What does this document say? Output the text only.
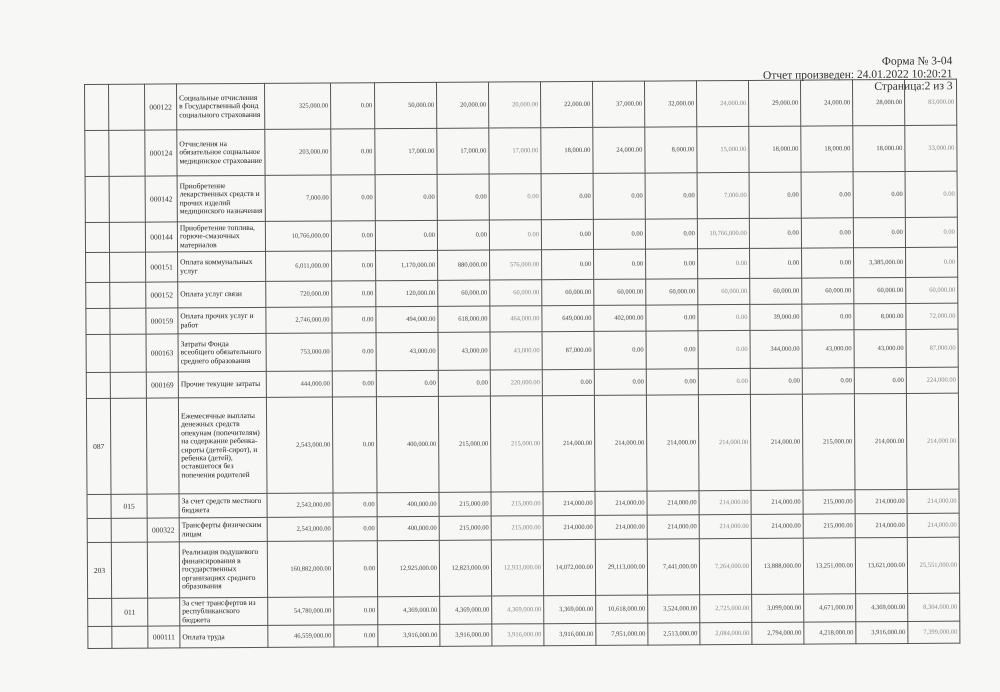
Форма № 3-04
Отчет произведен: 24.01.2022 10:20:21
Страница:2 из 3
		000122	Социальные отчисления в Государственный фонд социального страхования	325,000.00	0.00	50,000.00	20,000.00	20,000.00	22,000.00	37,000.00	32,000.00	24,000.00	29,000.00	24,000.00	28,000.00	83,000.00
		000124	Отчисления на обязательное социальное медицинское страхование	203,000.00	0.00	17,000.00	17,000.00	17,000.00	18,000.00	24,000.00	8,000.00	15,000.00	18,000.00	18,000.00	18,000.00	33,000.00
		000142	Приобретение лекарственных средств и прочих изделий медицинского назначения	7,000.00	0.00	0.00	0.00	0.00	0.00	0.00	0.00	7,000.00	0.00	0.00	0.00	0.00
		000144	Приобретение топлива, горюче-смазочных материалов	10,766,000.00	0.00	0.00	0.00	0.00	0.00	0.00	0.00	10,766,000.00	0.00	0.00	0.00	0.00
		000151	Оплата коммунальных услуг	6,011,000.00	0.00	1,170,000.00	880,000.00	576,000.00	0.00	0.00	0.00	0.00	0.00	0.00	3,385,000.00	0.00
		000152	Оплата услуг связи	720,000.00	0.00	120,000.00	60,000.00	60,000.00	60,000.00	60,000.00	60,000.00	60,000.00	60,000.00	60,000.00	60,000.00	60,000.00
		000159	Оплата прочих услуг и работ	2,746,000.00	0.00	494,000.00	618,000.00	464,000.00	649,000.00	402,000.00	0.00	0.00	39,000.00	0.00	8,000.00	72,000.00
		000163	Затраты Фонда всеобщего обязательного среднего образования	753,000.00	0.00	43,000.00	43,000.00	43,000.00	87,000.00	0.00	0.00	0.00	344,000.00	43,000.00	43,000.00	87,000.00
		000169	Прочие текущие затраты	444,000.00	0.00	0.00	0.00	220,000.00	0.00	0.00	0.00	0.00	0.00	0.00	0.00	224,000.00
087			Ежемесячные выплаты денежных средств опекунам (попечителям) на содержание ребенка-сироты (детей-сирот), и ребенка (детей), оставшегося без попечения родителей	2,543,000.00	0.00	400,000.00	215,000.00	215,000.00	214,000.00	214,000.00	214,000.00	214,000.00	214,000.00	215,000.00	214,000.00	214,000.00
	015		За счет средств местного бюджета	2,543,000.00	0.00	400,000.00	215,000.00	215,000.00	214,000.00	214,000.00	214,000.00	214,000.00	214,000.00	215,000.00	214,000.00	214,000.00
		000322	Трансферты физическим лицам	2,543,000.00	0.00	400,000.00	215,000.00	215,000.00	214,000.00	214,000.00	214,000.00	214,000.00	214,000.00	215,000.00	214,000.00	214,000.00
203			Реализация подушевого финансирования в государственных организациях среднего образования	160,882,000.00	0.00	12,925,000.00	12,823,000.00	12,933,000.00	14,072,000.00	29,113,000.00	7,441,000.00	7,264,000.00	13,888,000.00	13,251,000.00	13,621,000.00	25,551,000.00
	011		За счет трансфертов из республиканского бюджета	54,780,000.00	0.00	4,369,000.00	4,369,000.00	4,369,000.00	3,369,000.00	10,618,000.00	3,524,000.00	2,725,000.00	3,099,000.00	4,671,000.00	4,369,000.00	8,304,000.00
		000111	Оплата труда	46,559,000.00	0.00	3,916,000.00	3,916,000.00	3,916,000.00	3,916,000.00	7,951,000.00	2,513,000.00	2,084,000.00	2,794,000.00	4,218,000.00	3,916,000.00	7,399,000.00
